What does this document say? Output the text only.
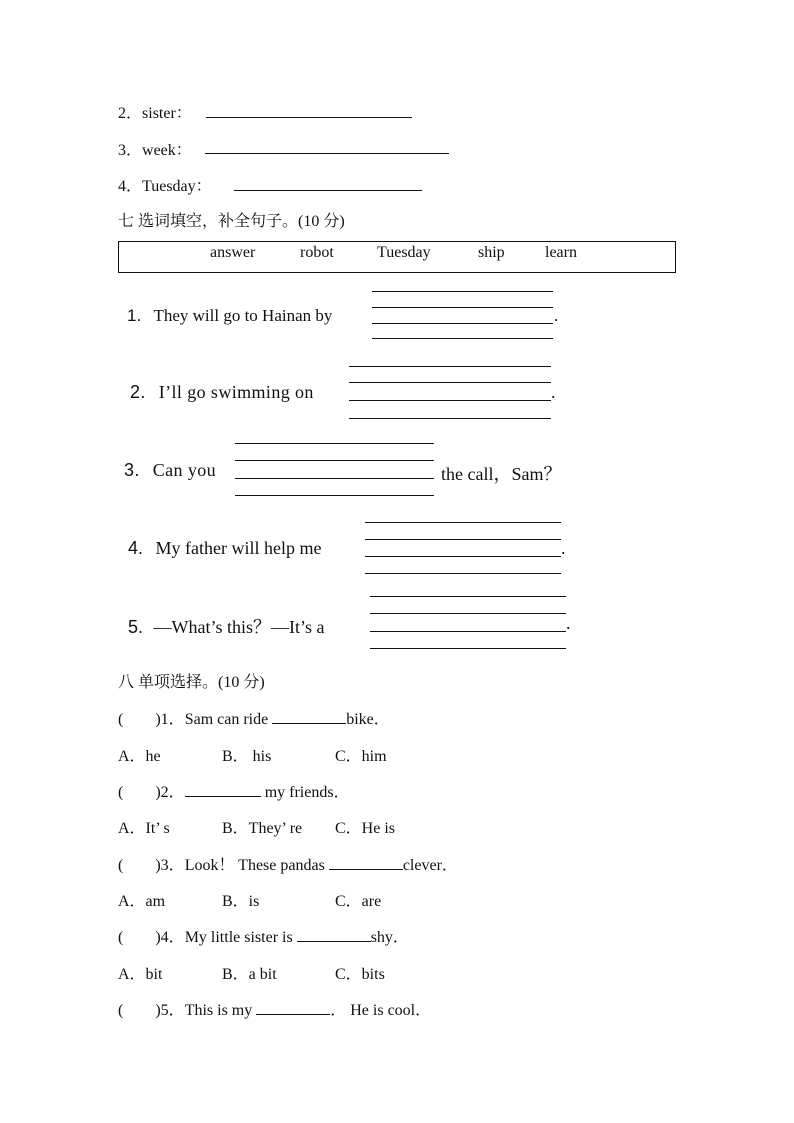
2．sister：
3．week：
4．Tuesday：
七 选词填空，补全句子。(10 分)
answer	robot	Tuesday	ship	learn
1. They will go to Hainan by	.
2. I’ll go swimming on	.
3. Can you	the call，Sam？
4. My father will help me	.
5. —What’s this？—It’s a	.
八 单项选择。(10 分)
(　　)1．Sam can ride	bike．
A．he	B． his	C．him
(　　)2．	my friends．
A．It’ s	B．They’ re C．He is
(　　)3．Look！ These pandas	clever．
A．am	B．is	C．are
(　　)4．My little sister is	shy．
A．bit	B．a bit	C．bits
(　　)5．This is my	． He is cool．
